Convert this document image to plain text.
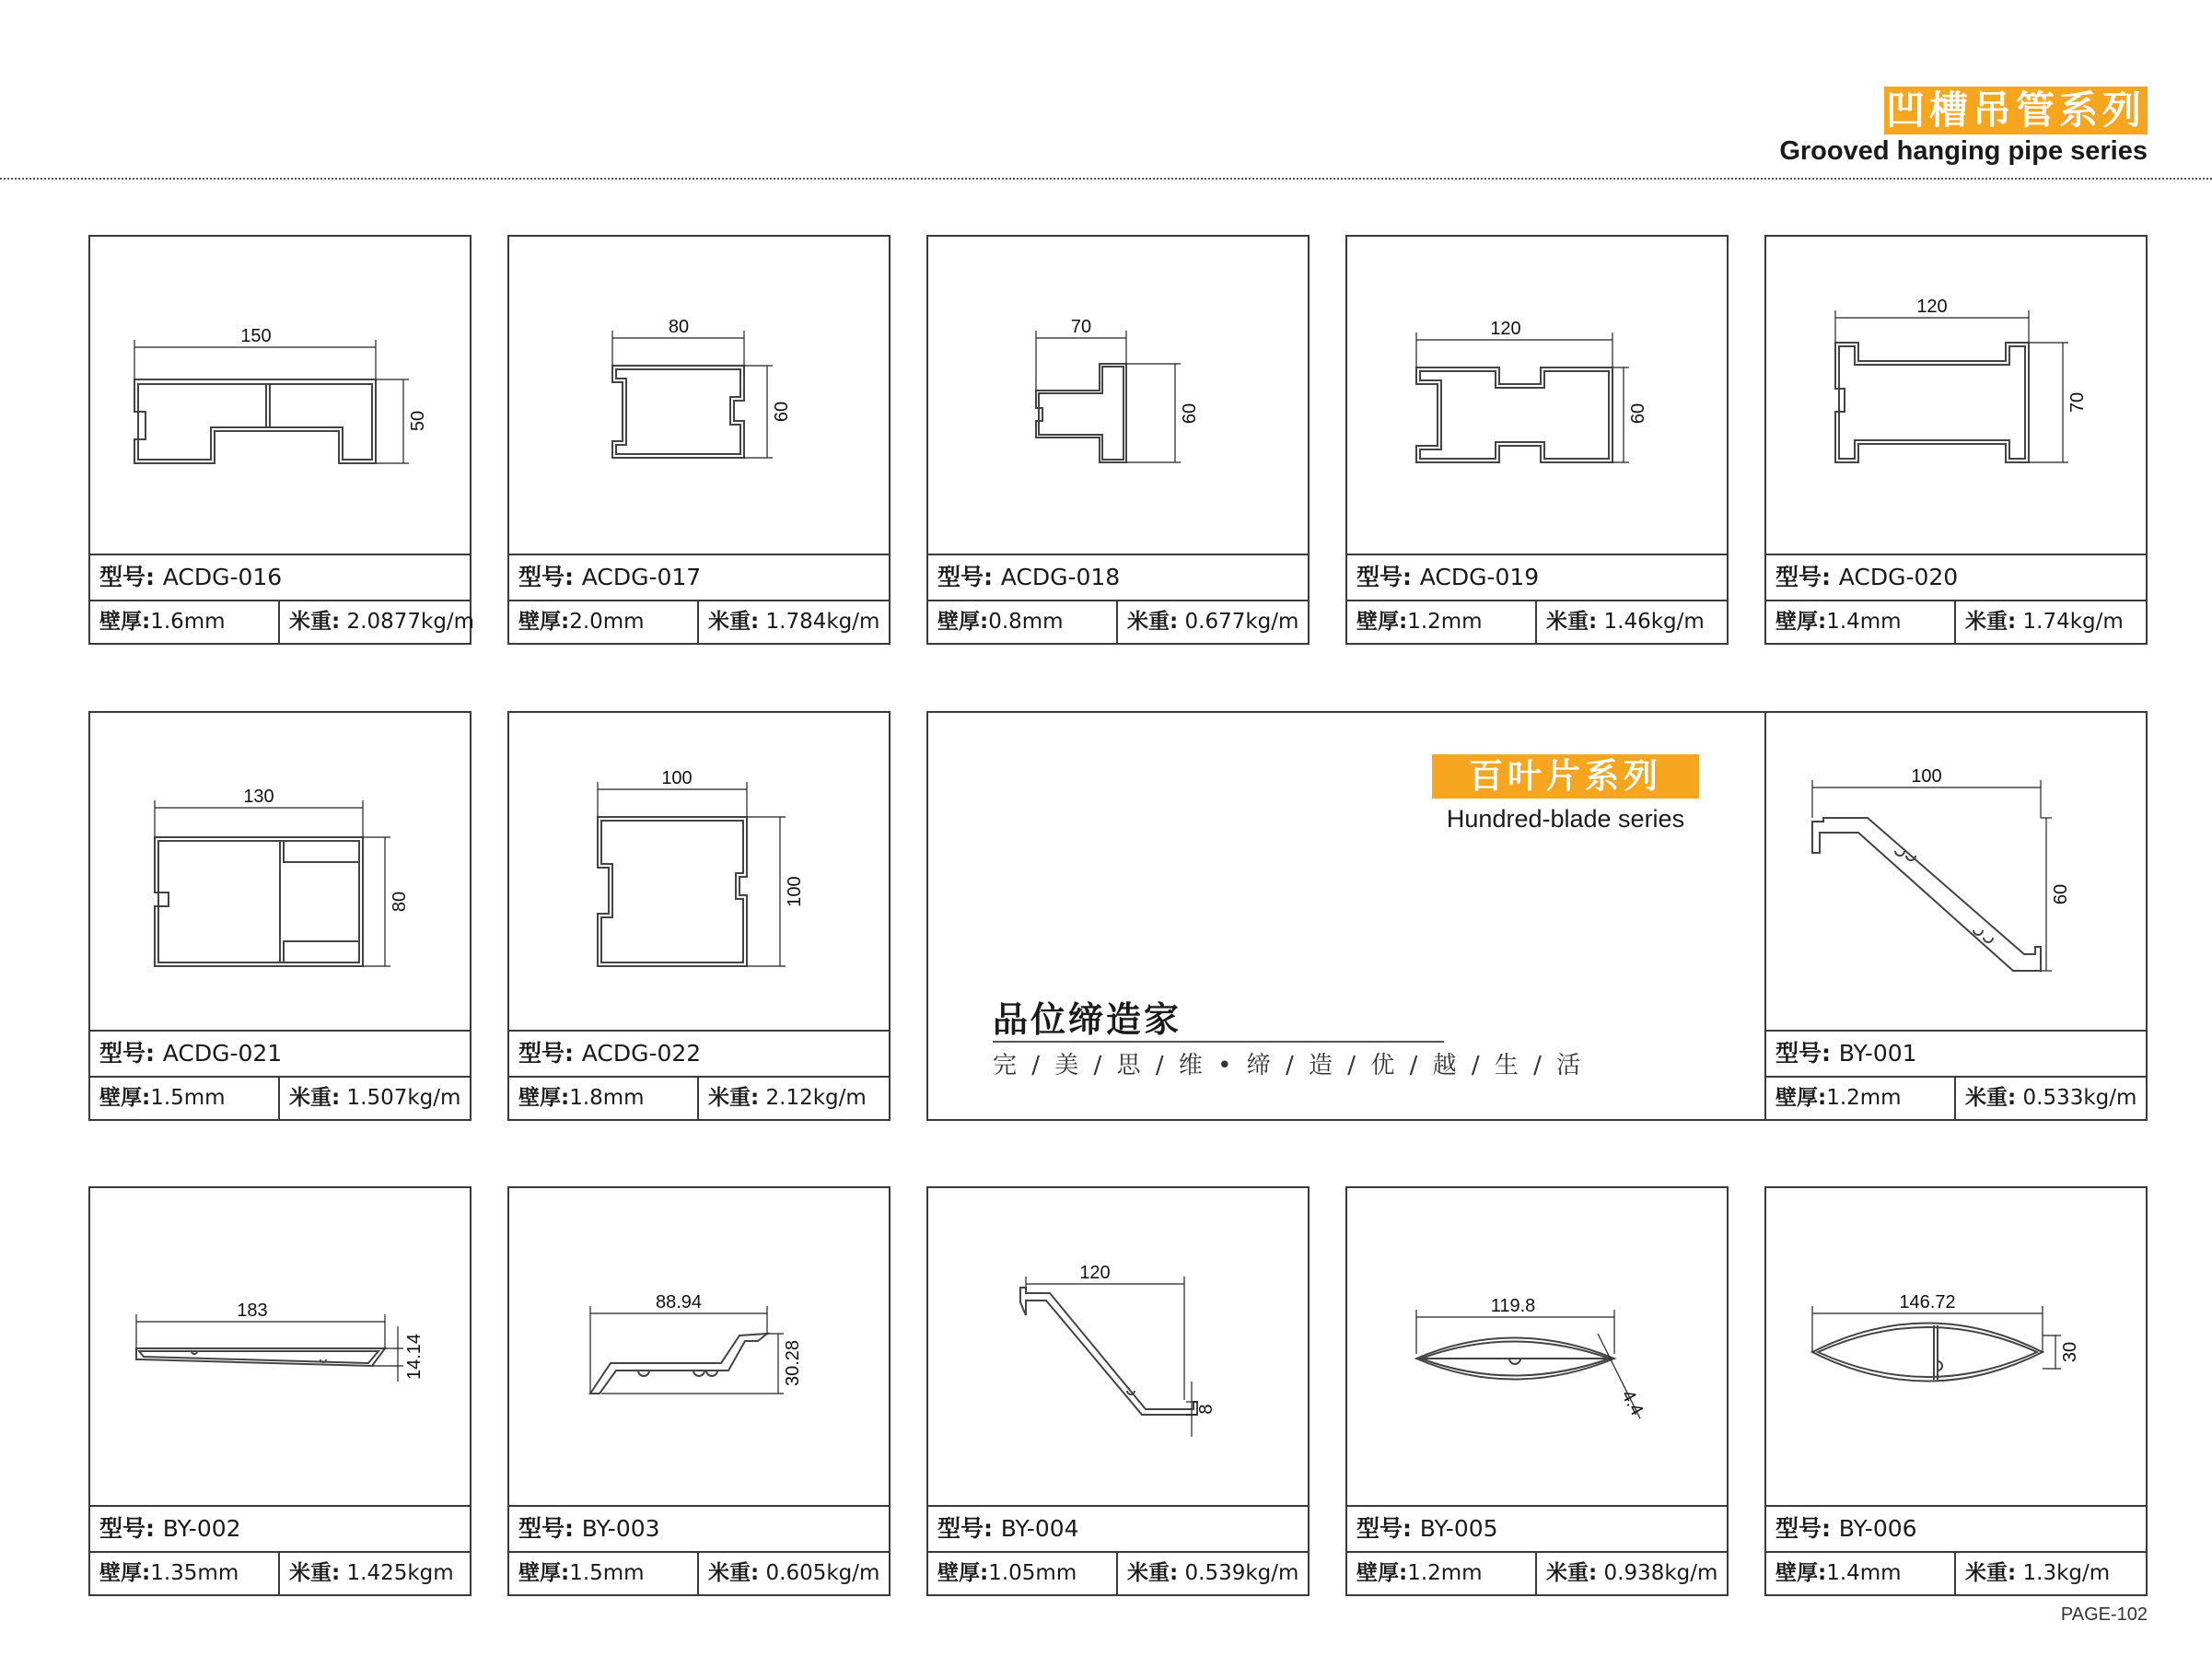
凹槽吊管系列
Grooved hanging pipe series
150
50
型号: ACDG-016
壁厚:1.6mm	米重: 2.0877kg/m
80
60
型号: ACDG-017
壁厚:2.0mm	米重: 1.784kg/m
70
60
型号: ACDG-018
壁厚:0.8mm	米重: 0.677kg/m
120
60
型号: ACDG-019
壁厚:1.2mm	米重: 1.46kg/m
120
70
型号: ACDG-020
壁厚:1.4mm	米重: 1.74kg/m
130
80
型号: ACDG-021
壁厚:1.5mm	米重: 1.507kg/m
100
100
型号: ACDG-022
壁厚:1.8mm	米重: 2.12kg/m
百叶片系列
Hundred-blade series
品位缔造家
完 / 美 / 思 / 维 • 缔 / 造 / 优 / 越 / 生 / 活
100
60
型号: BY-001
壁厚:1.2mm	米重: 0.533kg/m
183
14.14
型号: BY-002
壁厚:1.35mm	米重: 1.425kgm
88.94
30.28
型号: BY-003
壁厚:1.5mm	米重: 0.605kg/m
120
8
型号: BY-004
壁厚:1.05mm	米重: 0.539kg/m
119.8
4.4
型号: BY-005
壁厚:1.2mm	米重: 0.938kg/m
146.72
30
型号: BY-006
壁厚:1.4mm	米重: 1.3kg/m
PAGE-102
